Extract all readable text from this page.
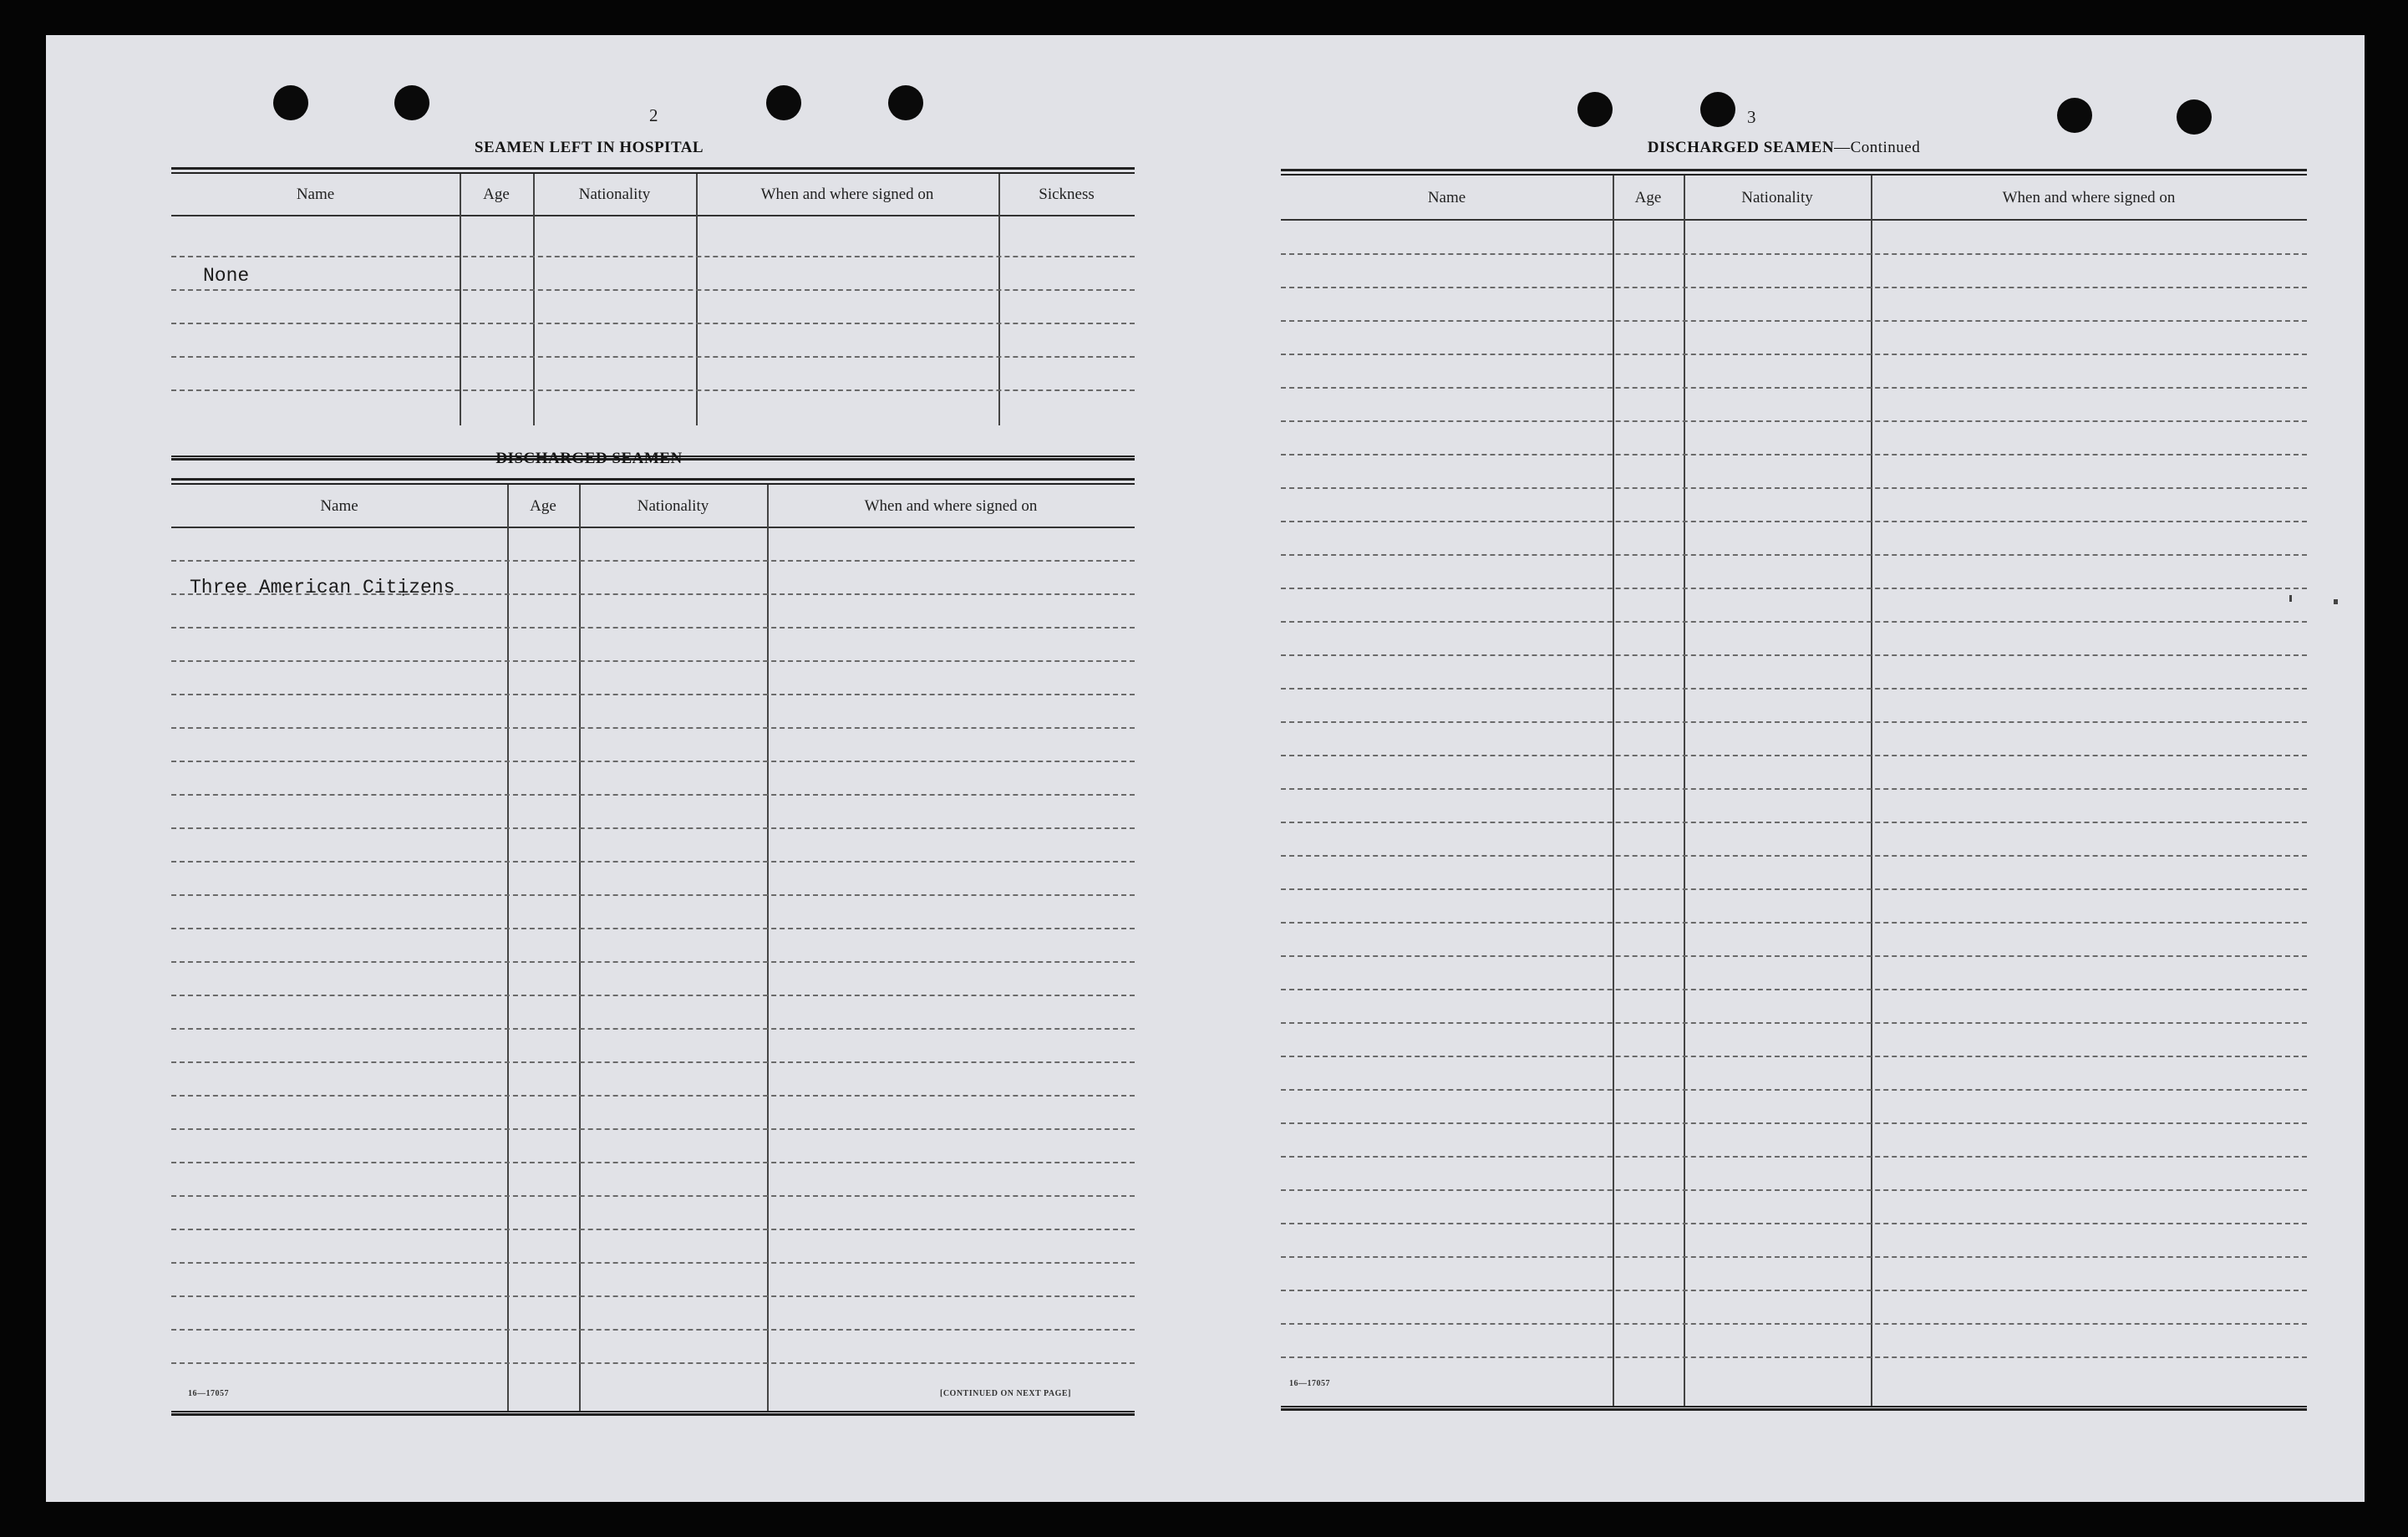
2
SEAMEN LEFT IN HOSPITAL
Name	Age	Nationality	When and where signed on	Sickness
None
DISCHARGED SEAMEN
Name	Age	Nationality	When and where signed on
Three American Citịzens
16—17057	[CONTINUED ON NEXT PAGE]
3
DISCHARGED SEAMEN—Continued
Name	Age	Nationality	When and where signed on
16—17057
